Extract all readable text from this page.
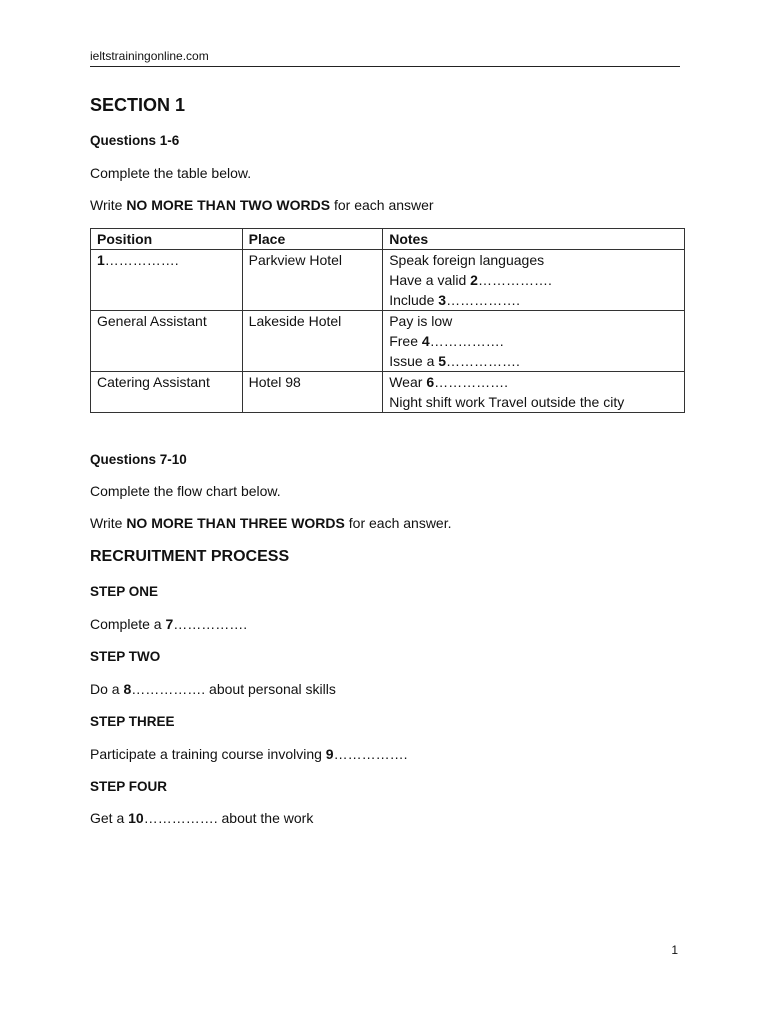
ieltstrainingonline.com
SECTION 1
Questions 1-6
Complete the table below.
Write NO MORE THAN TWO WORDS for each answer
Position	Place	Notes
1…………….	Parkview Hotel	Speak foreign languages
Have a valid 2…………….
Include 3…………….

General Assistant	Lakeside Hotel	Pay is low
Free 4…………….
Issue a 5…………….

Catering Assistant	Hotel 98	Wear 6…………….
Night shift work Travel outside the city
Questions 7-10
Complete the flow chart below.
Write NO MORE THAN THREE WORDS for each answer.
RECRUITMENT PROCESS
STEP ONE
Complete a 7…………….
STEP TWO
Do a 8……………. about personal skills
STEP THREE
Participate a training course involving 9…………….
STEP FOUR
Get a 10……………. about the work
1
